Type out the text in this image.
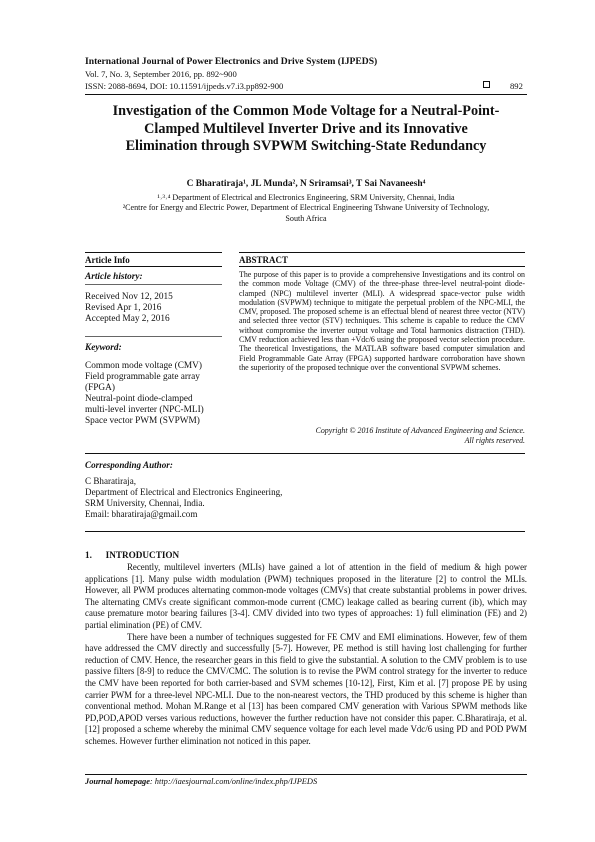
International Journal of Power Electronics and Drive System (IJPEDS)
Vol. 7, No. 3, September 2016, pp. 892~900
ISSN: 2088-8694, DOI: 10.11591/ijpeds.v7.i3.pp892-900	892
Investigation of the Common Mode Voltage for a Neutral-Point-
Clamped Multilevel Inverter Drive and its Innovative
Elimination through SVPWM Switching-State Redundancy
C Bharatiraja¹, JL Munda², N Sriramsai³, T Sai Navaneesh⁴
¹˒³˒⁴ Department of Electrical and Electronics Engineering, SRM University, Chennai, India
²Centre for Energy and Electric Power, Department of Electrical Engineering Tshwane University of Technology,
South Africa
Article Info	ABSTRACT
Article history:
Received Nov 12, 2015
Revised Apr 1, 2016
Accepted May 2, 2016
Keyword:
Common mode voltage (CMV)
Field programmable gate array
(FPGA)
Neutral-point diode-clamped
multi-level inverter (NPC-MLI)
Space vector PWM (SVPWM)
The purpose of this paper is to provide a comprehensive Investigations and its control on the common mode Voltage (CMV) of the three-phase three-level neutral-point diode-clamped (NPC) multilevel inverter (MLI). A widespread space-vector pulse width modulation (SVPWM) technique to mitigate the perpetual problem of the NPC-MLI, the CMV, proposed. The proposed scheme is an effectual blend of nearest three vector (NTV) and selected three vector (STV) techniques. This scheme is capable to reduce the CMV without compromise the inverter output voltage and Total harmonics distraction (THD). CMV reduction achieved less than +Vdc/6 using the proposed vector selection procedure. The theoretical Investigations, the MATLAB software based computer simulation and Field Programmable Gate Array (FPGA) supported hardware corroboration have shown the superiority of the proposed technique over the conventional SVPWM schemes.
Copyright © 2016 Institute of Advanced Engineering and Science.
All rights reserved.
Corresponding Author:
C Bharatiraja,
Department of Electrical and Electronics Engineering,
SRM University, Chennai, India.
Email: bharatiraja@gmail.com
1.      INTRODUCTION

Recently, multilevel inverters (MLIs) have gained a lot of attention in the field of medium & high power applications [1]. Many pulse width modulation (PWM) techniques proposed in the literature [2] to control the MLIs. However, all PWM produces alternating common-mode voltages (CMVs) that create substantial problems in power drives. The alternating CMVs create significant common-mode current (CMC) leakage called as bearing current (ib), which may cause premature motor bearing failures [3-4]. CMV divided into two types of approaches: 1) full elimination (FE) and 2) partial elimination (PE) of CMV.

There have been a number of techniques suggested for FE CMV and EMI eliminations. However, few of them have addressed the CMV directly and successfully [5-7]. However, PE method is still having lost challenging for further reduction of CMV. Hence, the researcher gears in this field to give the substantial. A solution to the CMV problem is to use passive filters [8-9] to reduce the CMV/CMC. The solution is to revise the PWM control strategy for the inverter to reduce the CMV have been reported for both carrier-based and SVM schemes [10-12], First, Kim et al. [7] propose PE by using carrier PWM for a three-level NPC-MLI. Due to the non-nearest vectors, the THD produced by this scheme is higher than conventional method. Mohan M.Range et al [13] has been compared CMV generation with Various SPWM methods like PD,POD,APOD verses various reductions, however the further reduction have not consider this paper. C.Bharatiraja, et al. [12] proposed a scheme whereby the minimal CMV sequence voltage for each level made Vdc/6 using PD and POD PWM schemes. However further elimination not noticed in this paper.

Journal homepage: http://iaesjournal.com/online/index.php/IJPEDS
